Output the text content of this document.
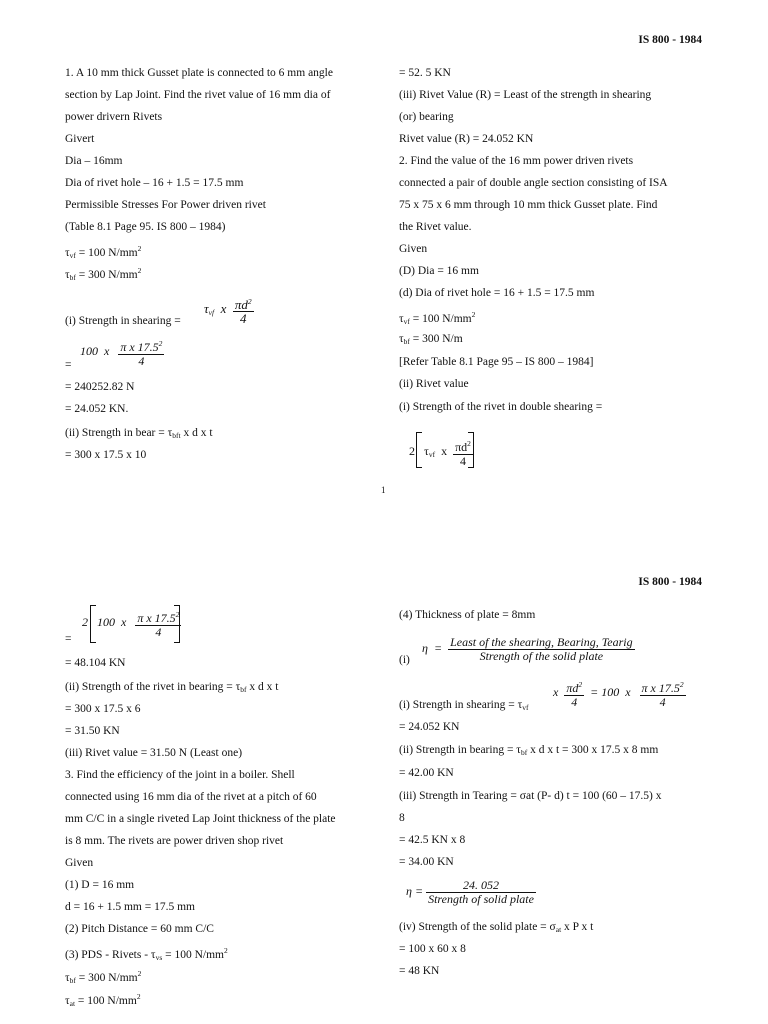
IS 800 - 1984
1. A 10 mm thick Gusset plate is connected to 6 mm angle
section by Lap Joint. Find the rivet value of 16 mm dia of
power drivern Rivets
Givert
Dia – 16mm
Dia of rivet hole – 16 + 1.5 = 17.5 mm
Permissible Stresses For Power driven rivet
(Table 8.1 Page 95. IS 800 – 1984)
$\tau_{vf} = 100$ $N/mm^2$
$\tau_{bf} = 300$ $N/mm^2$
(i) Strength in shearing =
$\tau_{vf}$  x $\frac{\pi d^2}{4}$
100  x $\frac{\pi x 17.5^2}{4}$
=
= 240252.82 N
= 24.052 KN.
(ii) Strength in bear = $\tau_{bft}$ x d x t
= 300 x 17.5 x 10
= 52. 5 KN
(iii) Rivet Value (R) = Least of the strength in shearing
(or) bearing
Rivet value (R) = 24.052 KN
2. Find the value of the 16 mm power driven rivets
connected a pair of double angle section consisting of ISA
75 x 75 x 6 mm through 10 mm thick Gusset plate. Find
the Rivet value.
Given
(D) Dia = 16 mm
(d) Dia of rivet hole = 16 + 1.5 = 17.5 mm
$\tau_{vf} = 100$ $N/mm^2$
$\tau_{bf} = 300$ N/m
[Refer Table 8.1 Page 95 – IS 800 – 1984]
(ii) Rivet value
(i) Strength of the rivet in double shearing =
2   $\tau_{vf}$  x $\frac{\pi d^2}{4}$
1
IS 800 - 1984
2   100  x $\frac{\pi x 17.5^2}{4}$
=
= 48.104 KN
(ii) Strength of the rivet in bearing = $\tau_{bf}$ x d x t
= 300 x 17.5 x 6
= 31.50 KN
(iii) Rivet value = 31.50 N (Least one)
3. Find the efficiency of the joint in a boiler. Shell
connected using 16 mm dia of the rivet at a pitch of 60
mm C/C in a single riveted Lap Joint thickness of the plate
is 8 mm. The rivets are power driven shop rivet
Given
(1) D = 16 mm
d = 16 + 1.5 mm = 17.5 mm
(2) Pitch Distance = 60 mm C/C
(3) PDS - Rivets - $\tau_{vs} = 100$ $N/mm^2$
$\tau_{bf} = 300$ $N/mm^2$
$\tau_{at} = 100$ $N/mm^2$
(4) Thickness of plate = 8mm
(i)
$\eta = \frac{\text{Least of the shearing, Bearing, Tearig}}{\text{Strength of the solid plate}}$
(i) Strength in shearing = $\tau_{vf}$
x $\frac{\pi d^2}{4} = 100$  x $\frac{\pi x 17.5^2}{4}$
= 24.052 KN
(ii) Strength in bearing = $\tau_{bf}$ x d x t = 300 x 17.5 x 8 mm
= 42.00 KN
(iii) Strength in Tearing = σat (P- d) t = 100 (60 – 17.5) x
8
= 42.5 KN x 8
= 34.00 KN
$\eta = \frac{24. 052}{\text{Strength of solid plate}}$
(iv) Strength of the solid plate = $\sigma_{at}$ x P x t
= 100 x 60 x 8
= 48 KN
